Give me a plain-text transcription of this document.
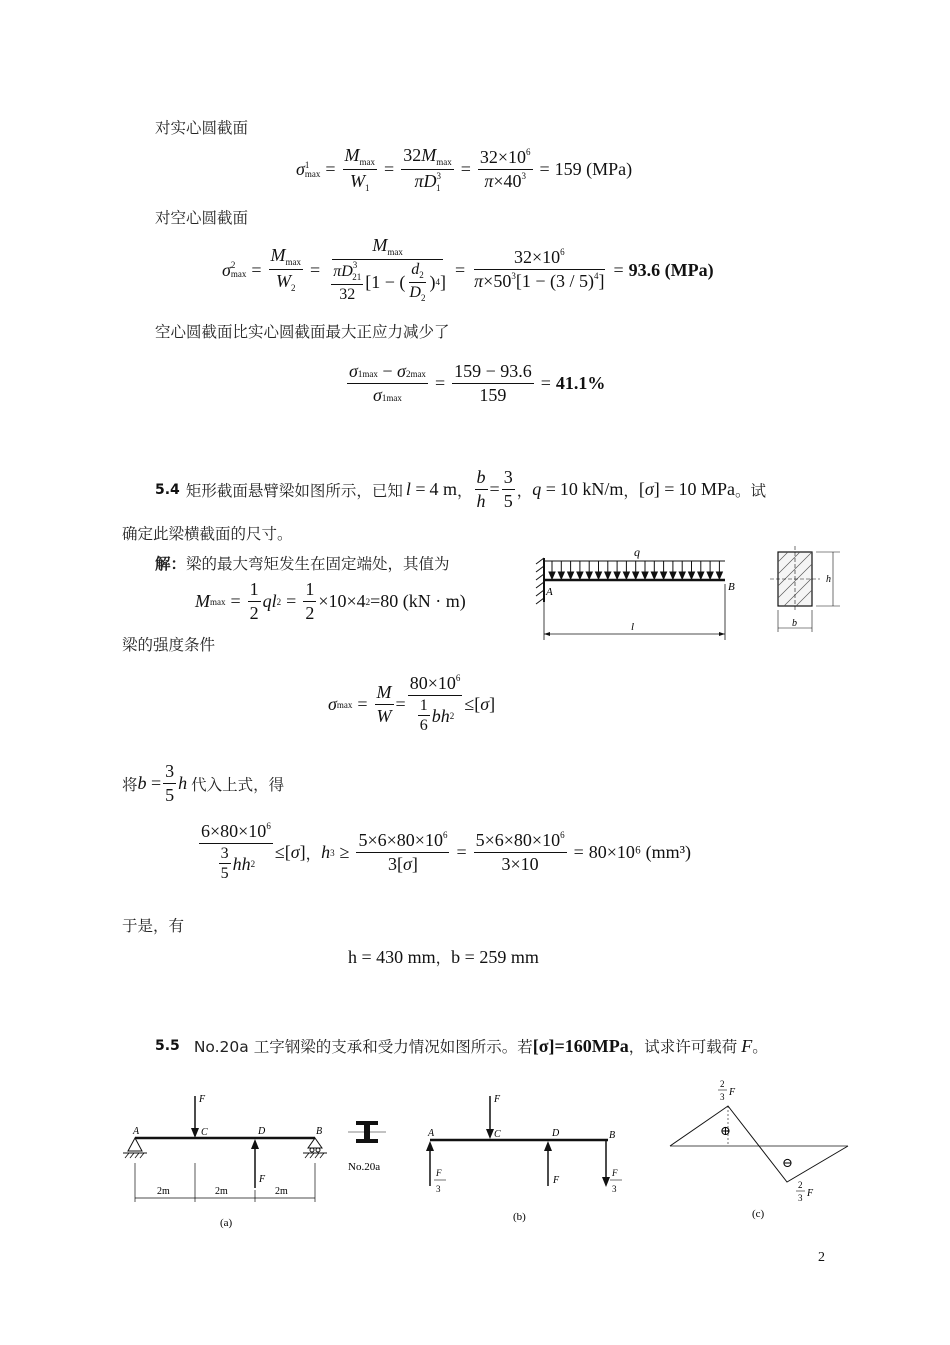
对实心圆截面
σ 1
$\max = \frac{M_{max}}{W_1} = \frac{32M_{max}}{\pi D^3_1} = \frac{32\times 10^6}{\pi\times 40^3} = 159$ (MPa)
对空心圆截面
σ 2
$\max = \frac{M_{max}}{W_2} = \frac{M_{max}}{\frac{\pi D^3_{21}}{32} [1 - ( \frac{d_2}{D_2} ) 4 ]} = \frac{32\times 10^6}{\pi\times 50^3[1 - (3 / 5)^4]} = 93.6$ (MPa)
空心圆截面比实心圆截面最大正应力减少了
$\frac{\sigma 1\max - \sigma 2\max}{\sigma 1\max} = \frac{159 - 93.6}{159} = 41.1\%$
5.4 矩形截面悬臂梁如图所示，已知 l = 4 m ， $\frac{b}{h} = \frac{3}{5}$ ， q = 10 kN/m ， [σ] = 10 MPa 。试
确定此梁横截面的尺寸。
解：梁的最大弯矩发生在固定端处，其值为
M $\max = \frac{1}{2}$ ql $2 = \frac{1}{2} \times 10\times 4$ 2 =80 (kN · m)
梁的强度条件
σ $\max = \frac{M}{W} = \frac{80\times 10^6}{\frac{1}{6} bh 2} \le[\sigma]$
将 $b = \frac{3}{5}$ h 代入上式，得
$\frac{6\times 80\times 10^6}{\frac{3}{5} hh 2} \le[\sigma]$ ， h $3 \ge \frac{5\times 6\times 80\times 10^6}{3[\sigma]} = \frac{5\times 6\times 80\times 10^6}{3\times 10} = 80\times 10^6$ (mm³)
于是，有
h = 430 mm ， b = 259 mm
5.5 No.20a 工字钢梁的支承和受力情况如图所示。若 [σ]=160MPa ，试求许可载荷 F 。
q
A	B
l
h
b
F
F
A	C	D	B
2m	2m	2m
(a)
No.20a
F
F
F
3
F
3
A	C	D	B
(b)
⊕
⊖
2
3 F
2
3 F
(c)
2
